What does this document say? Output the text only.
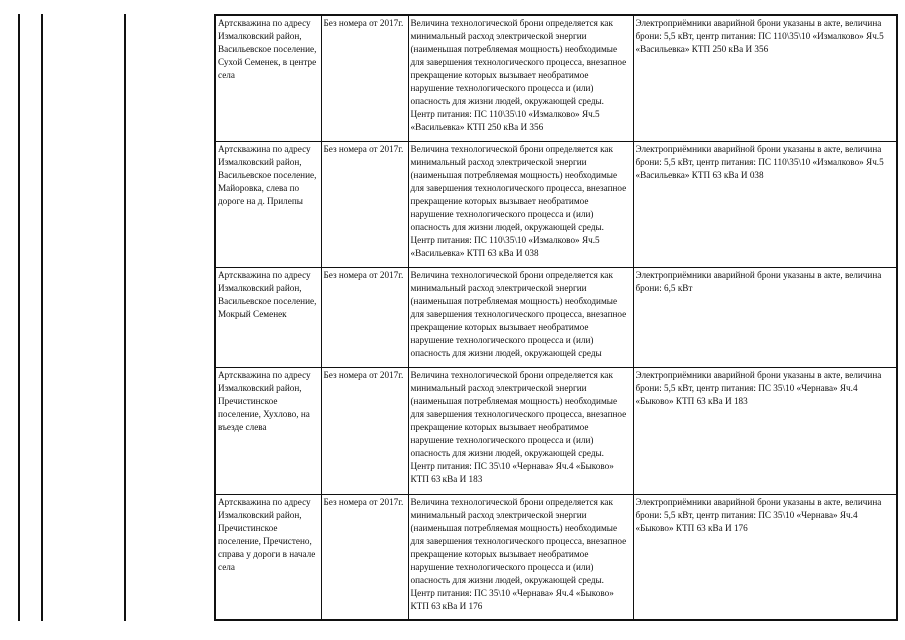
Артскважина по адресу Измалковский район, Васильевское поселение, Сухой Семенек, в центре села	Без номера от 2017г.	Величина технологической брони определяется как минимальный расход электрической энергии (наименьшая потребляемая мощность) необходимые для завершения технологического процесса, внезапное прекращение которых вызывает необратимое нарушение технологического процесса и (или) опасность для жизни людей, окружающей среды. Центр питания: ПС 110\35\10 «Измалково» Яч.5 «Васильевка» КТП 250 кВа И 356	Электроприёмники аварийной брони указаны в акте, величина брони: 5,5 кВт, центр питания: ПС 110\35\10 «Измалково» Яч.5 «Васильевка» КТП 250 кВа И 356
Артскважина по адресу Измалковский район, Васильевское поселение, Майоровка, слева по дороге на д. Прилепы	Без номера от 2017г.	Величина технологической брони определяется как минимальный расход электрической энергии (наименьшая потребляемая мощность) необходимые для завершения технологического процесса, внезапное прекращение которых вызывает необратимое нарушение технологического процесса и (или) опасность для жизни людей, окружающей среды. Центр питания: ПС 110\35\10 «Измалково» Яч.5 «Васильевка» КТП 63 кВа И 038	Электроприёмники аварийной брони указаны в акте, величина брони: 5,5 кВт, центр питания: ПС 110\35\10 «Измалково» Яч.5 «Васильевка» КТП 63 кВа И 038
Артскважина по адресу Измалковский район, Васильевское поселение, Мокрый Семенек	Без номера от 2017г.	Величина технологической брони определяется как минимальный расход электрической энергии (наименьшая потребляемая мощность) необходимые для завершения технологического процесса, внезапное прекращение которых вызывает необратимое нарушение технологического процесса и (или) опасность для жизни людей, окружающей среды	Электроприёмники аварийной брони указаны в акте, величина брони: 6,5 кВт
Артскважина по адресу Измалковский район, Пречистинское поселение, Хухлово, на въезде слева	Без номера от 2017г.	Величина технологической брони определяется как минимальный расход электрической энергии (наименьшая потребляемая мощность) необходимые для завершения технологического процесса, внезапное прекращение которых вызывает необратимое нарушение технологического процесса и (или) опасность для жизни людей, окружающей среды. Центр питания: ПС 35\10 «Чернава» Яч.4 «Быково» КТП 63 кВа И 183	Электроприёмники аварийной брони указаны в акте, величина брони: 5,5 кВт, центр питания: ПС 35\10 «Чернава» Яч.4 «Быково» КТП 63 кВа И 183
Артскважина по адресу Измалковский район, Пречистинское поселение, Пречистено, справа у дороги в начале села	Без номера от 2017г.	Величина технологической брони определяется как минимальный расход электрической энергии (наименьшая потребляемая мощность) необходимые для завершения технологического процесса, внезапное прекращение которых вызывает необратимое нарушение технологического процесса и (или) опасность для жизни людей, окружающей среды. Центр питания: ПС 35\10 «Чернава» Яч.4 «Быково» КТП 63 кВа И 176	Электроприёмники аварийной брони указаны в акте, величина брони: 5,5 кВт, центр питания: ПС 35\10 «Чернава» Яч.4 «Быково» КТП 63 кВа И 176
